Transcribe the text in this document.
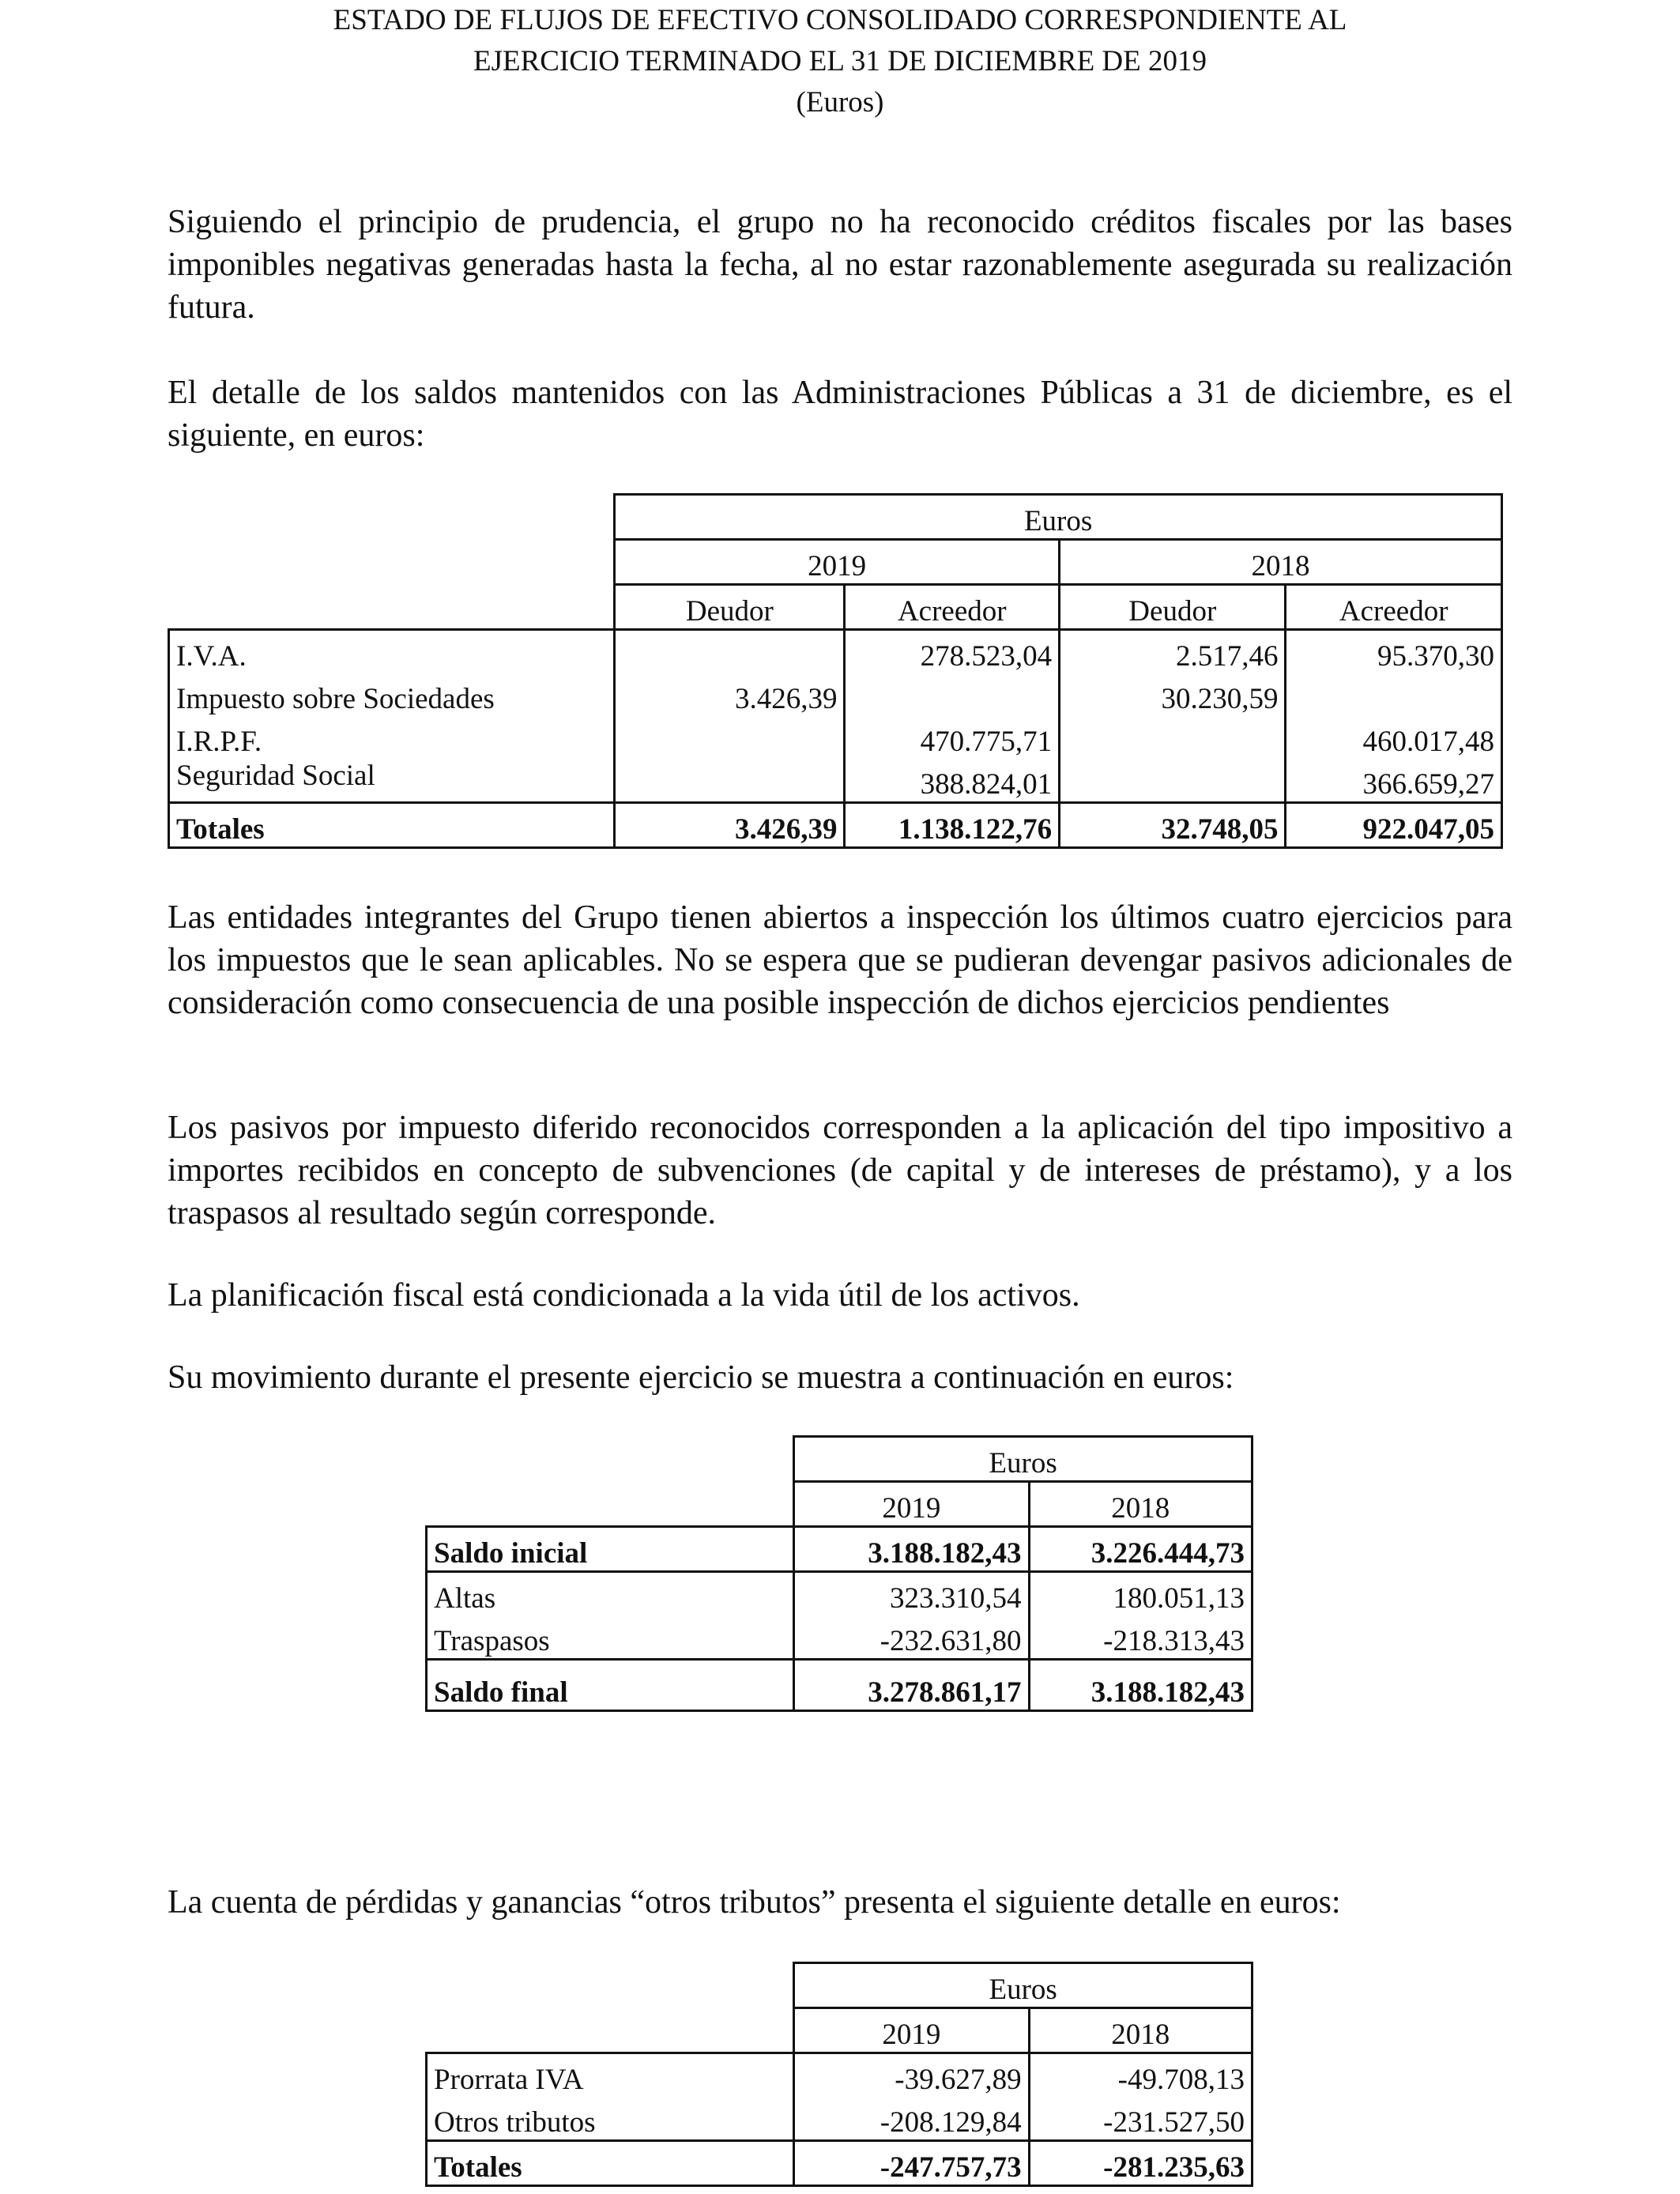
ESTADO DE FLUJOS DE EFECTIVO CONSOLIDADO CORRESPONDIENTE AL
EJERCICIO TERMINADO EL 31 DE DICIEMBRE DE 2019
(Euros)
Siguiendo el principio de prudencia, el grupo no ha reconocido créditos fiscales por las bases imponibles negativas generadas hasta la fecha, al no estar razonablemente asegurada su realización futura.
El detalle de los saldos mantenidos con las Administraciones Públicas a 31 de diciembre, es el siguiente, en euros:
	Euros			
	2019		2018	
	Deudor	Acreedor	Deudor	Acreedor
I.V.A.		278.523,04	2.517,46	95.370,30
Impuesto sobre Sociedades	3.426,39		30.230,59	
I.R.P.F.		470.775,71		460.017,48
Seguridad Social		388.824,01		366.659,27
Totales	3.426,39	1.138.122,76	32.748,05	922.047,05
Las entidades integrantes del Grupo tienen abiertos a inspección los últimos cuatro ejercicios para los impuestos que le sean aplicables. No se espera que se pudieran devengar pasivos adicionales de consideración como consecuencia de una posible inspección de dichos ejercicios pendientes
Los pasivos por impuesto diferido reconocidos corresponden a la aplicación del tipo impositivo a importes recibidos en concepto de subvenciones (de capital y de intereses de préstamo), y a los traspasos al resultado según corresponde.
La planificación fiscal está condicionada a la vida útil de los activos.
Su movimiento durante el presente ejercicio se muestra a continuación en euros:
	Euros	
	2019	2018
Saldo inicial	3.188.182,43	3.226.444,73
Altas	323.310,54	180.051,13
Traspasos	-232.631,80	-218.313,43
Saldo final	3.278.861,17	3.188.182,43
La cuenta de pérdidas y ganancias “otros tributos” presenta el siguiente detalle en euros:
	Euros	
	2019	2018
Prorrata IVA	-39.627,89	-49.708,13
Otros tributos	-208.129,84	-231.527,50
Totales	-247.757,73	-281.235,63
